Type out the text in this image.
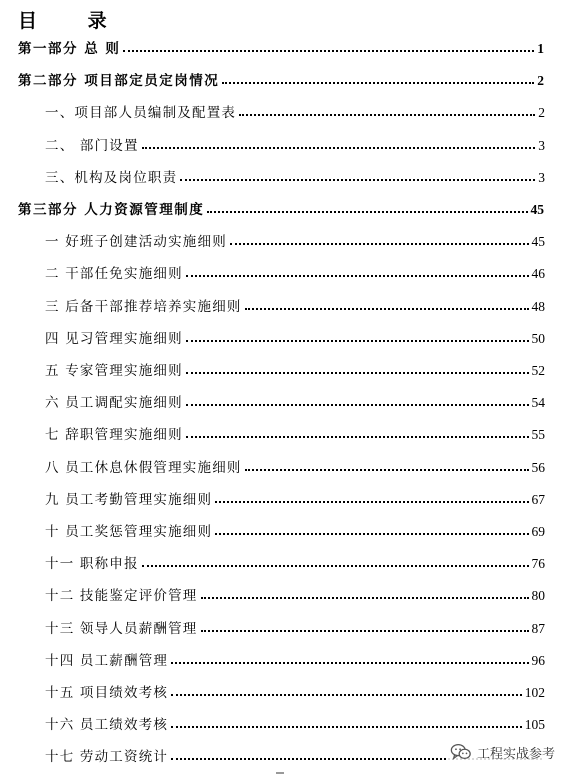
目 录
第一部分 总 则	1
第二部分 项目部定员定岗情况	2
一、项目部人员编制及配置表	2
二、 部门设置	3
三、机构及岗位职责	3
第三部分 人力资源管理制度	45
一 好班子创建活动实施细则	45
二 干部任免实施细则	46
三 后备干部推荐培养实施细则	48
四 见习管理实施细则	50
五 专家管理实施细则	52
六 员工调配实施细则	54
七 辞职管理实施细则	55
八 员工休息休假管理实施细则	56
九 员工考勤管理实施细则	67
十 员工奖惩管理实施细则	69
十一 职称申报	76
十二 技能鉴定评价管理	80
十三 领导人员薪酬管理	87
十四 员工薪酬管理	96
十五 项目绩效考核	102
十六 员工绩效考核	105
十七 劳动工资统计	工程实战参考
